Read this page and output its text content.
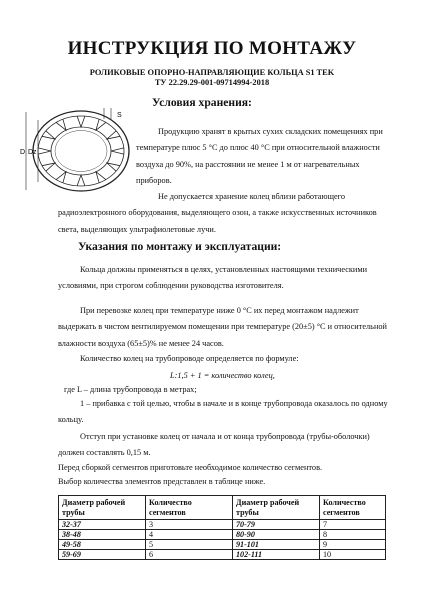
ИНСТРУКЦИЯ ПО МОНТАЖУ
РОЛИКОВЫЕ ОПОРНО-НАПРАВЛЯЮЩИЕ КОЛЬЦА S1 TEK
ТУ 22.29.29-001-09714994-2018
S
D Dz
Условия хранения:

Продукцию хранят в крытых сухих складских помещениях при температуре плюс 5 °С до плюс 40 °С при относительной влажности воздуха до 90%, на расстоянии не менее 1 м от нагревательных приборов.

Не допускается хранение колец вблизи работающего радиоэлектронного оборудования, выделяющего озон, а также искусственных источников света, выделяющих ультрафиолетовые лучи.

Указания по монтажу и эксплуатации:

Кольца должны применяться в целях, установленных настоящими техническими условиями, при строгом соблюдении руководства изготовителя.

При перевозке колец при температуре ниже 0 °С их перед монтажом надлежит выдержать в чистом вентилируемом помещении при температуре (20±5) °С и относительной влажности воздуха (65±5)% не менее 24 часов.

Количество колец на трубопроводе определяется по формуле:

L:1,5 + 1 = количество колец,
где L – длина трубопровода в метрах;

1 – прибавка с той целью, чтобы в начале и в конце трубопровода оказалось по одному кольцу.

Отступ при установке колец от начала и от конца трубопровода (трубы-оболочки) должен составлять 0,15 м.

Перед сборкой сегментов приготовьте необходимое количество сегментов.
Выбор количества элементов представлен в таблице ниже.
Диаметр рабочей трубы	Количество сегментов	Диаметр рабочей трубы	Количество сегментов
32-37	3	70-79	7
38-48	4	80-90	8
49-58	5	91-101	9
59-69	6	102-111	10
